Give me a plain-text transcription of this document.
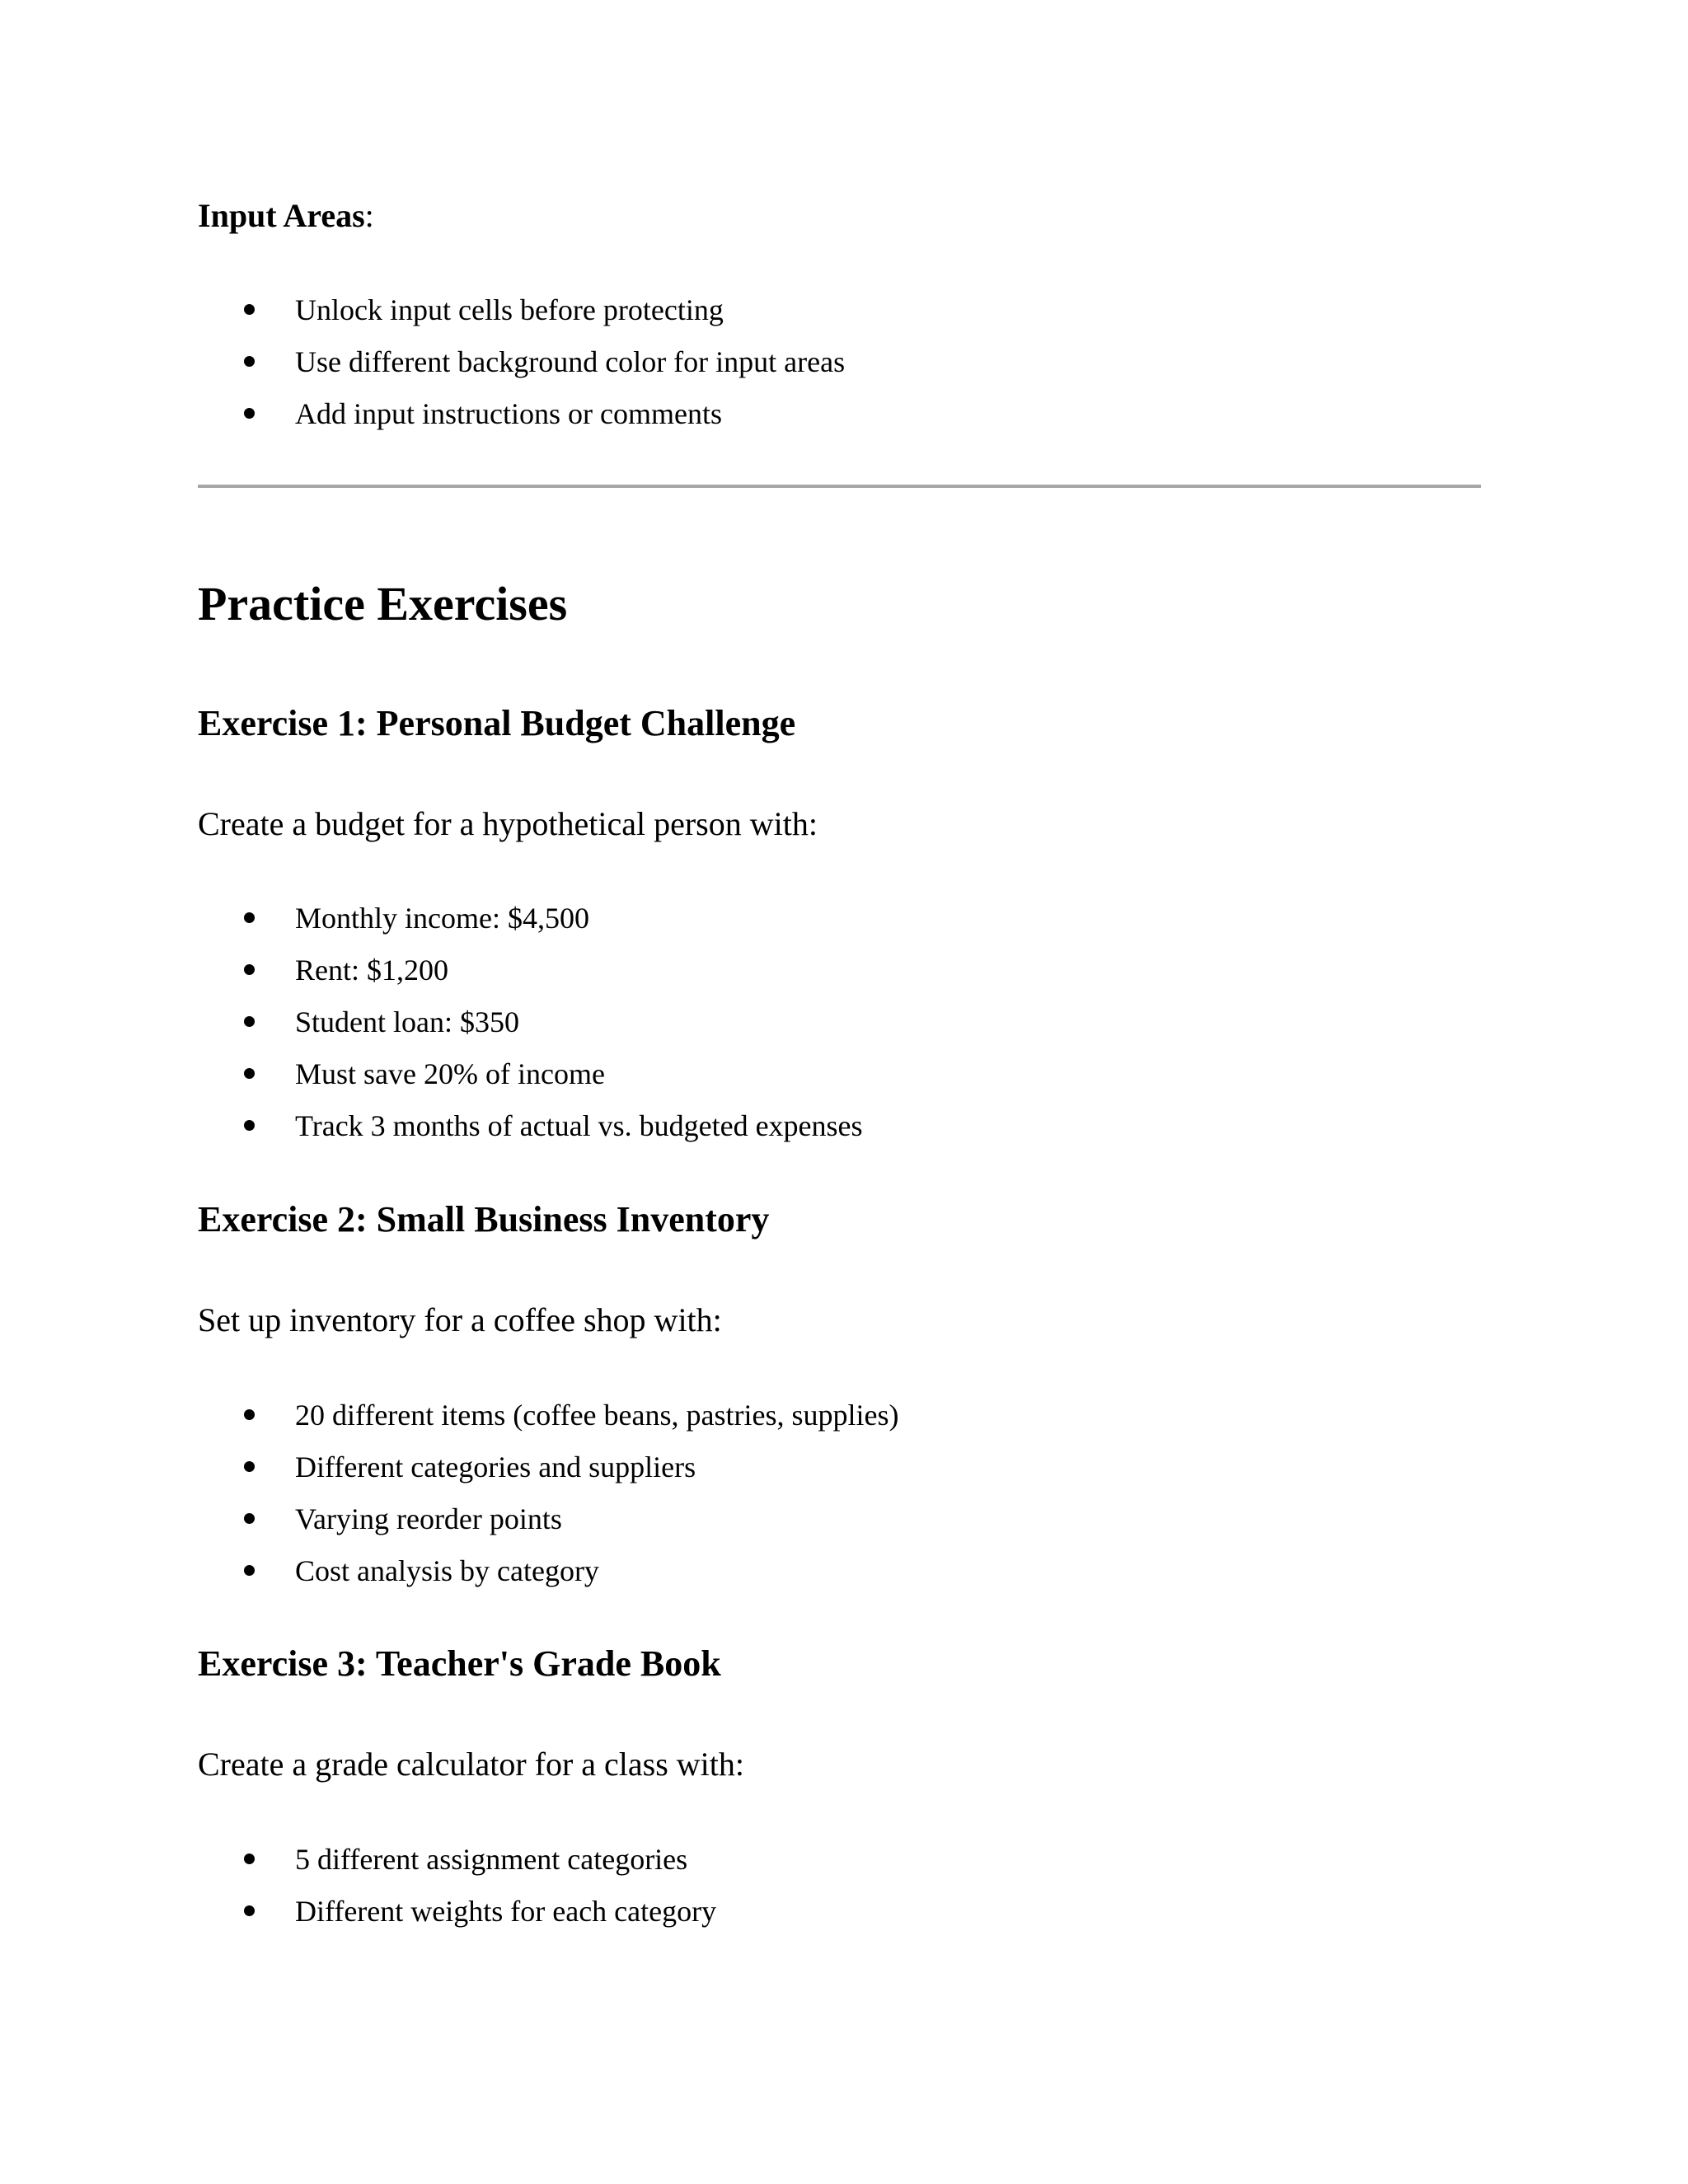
Input Areas:

Unlock input cells before protecting
Use different background color for input areas
Add input instructions or comments
Practice Exercises
Exercise 1: Personal Budget Challenge

Create a budget for a hypothetical person with:

Monthly income: $4,500
Rent: $1,200
Student loan: $350
Must save 20% of income
Track 3 months of actual vs. budgeted expenses
Exercise 2: Small Business Inventory

Set up inventory for a coffee shop with:

20 different items (coffee beans, pastries, supplies)
Different categories and suppliers
Varying reorder points
Cost analysis by category
Exercise 3: Teacher's Grade Book

Create a grade calculator for a class with:

5 different assignment categories
Different weights for each category
